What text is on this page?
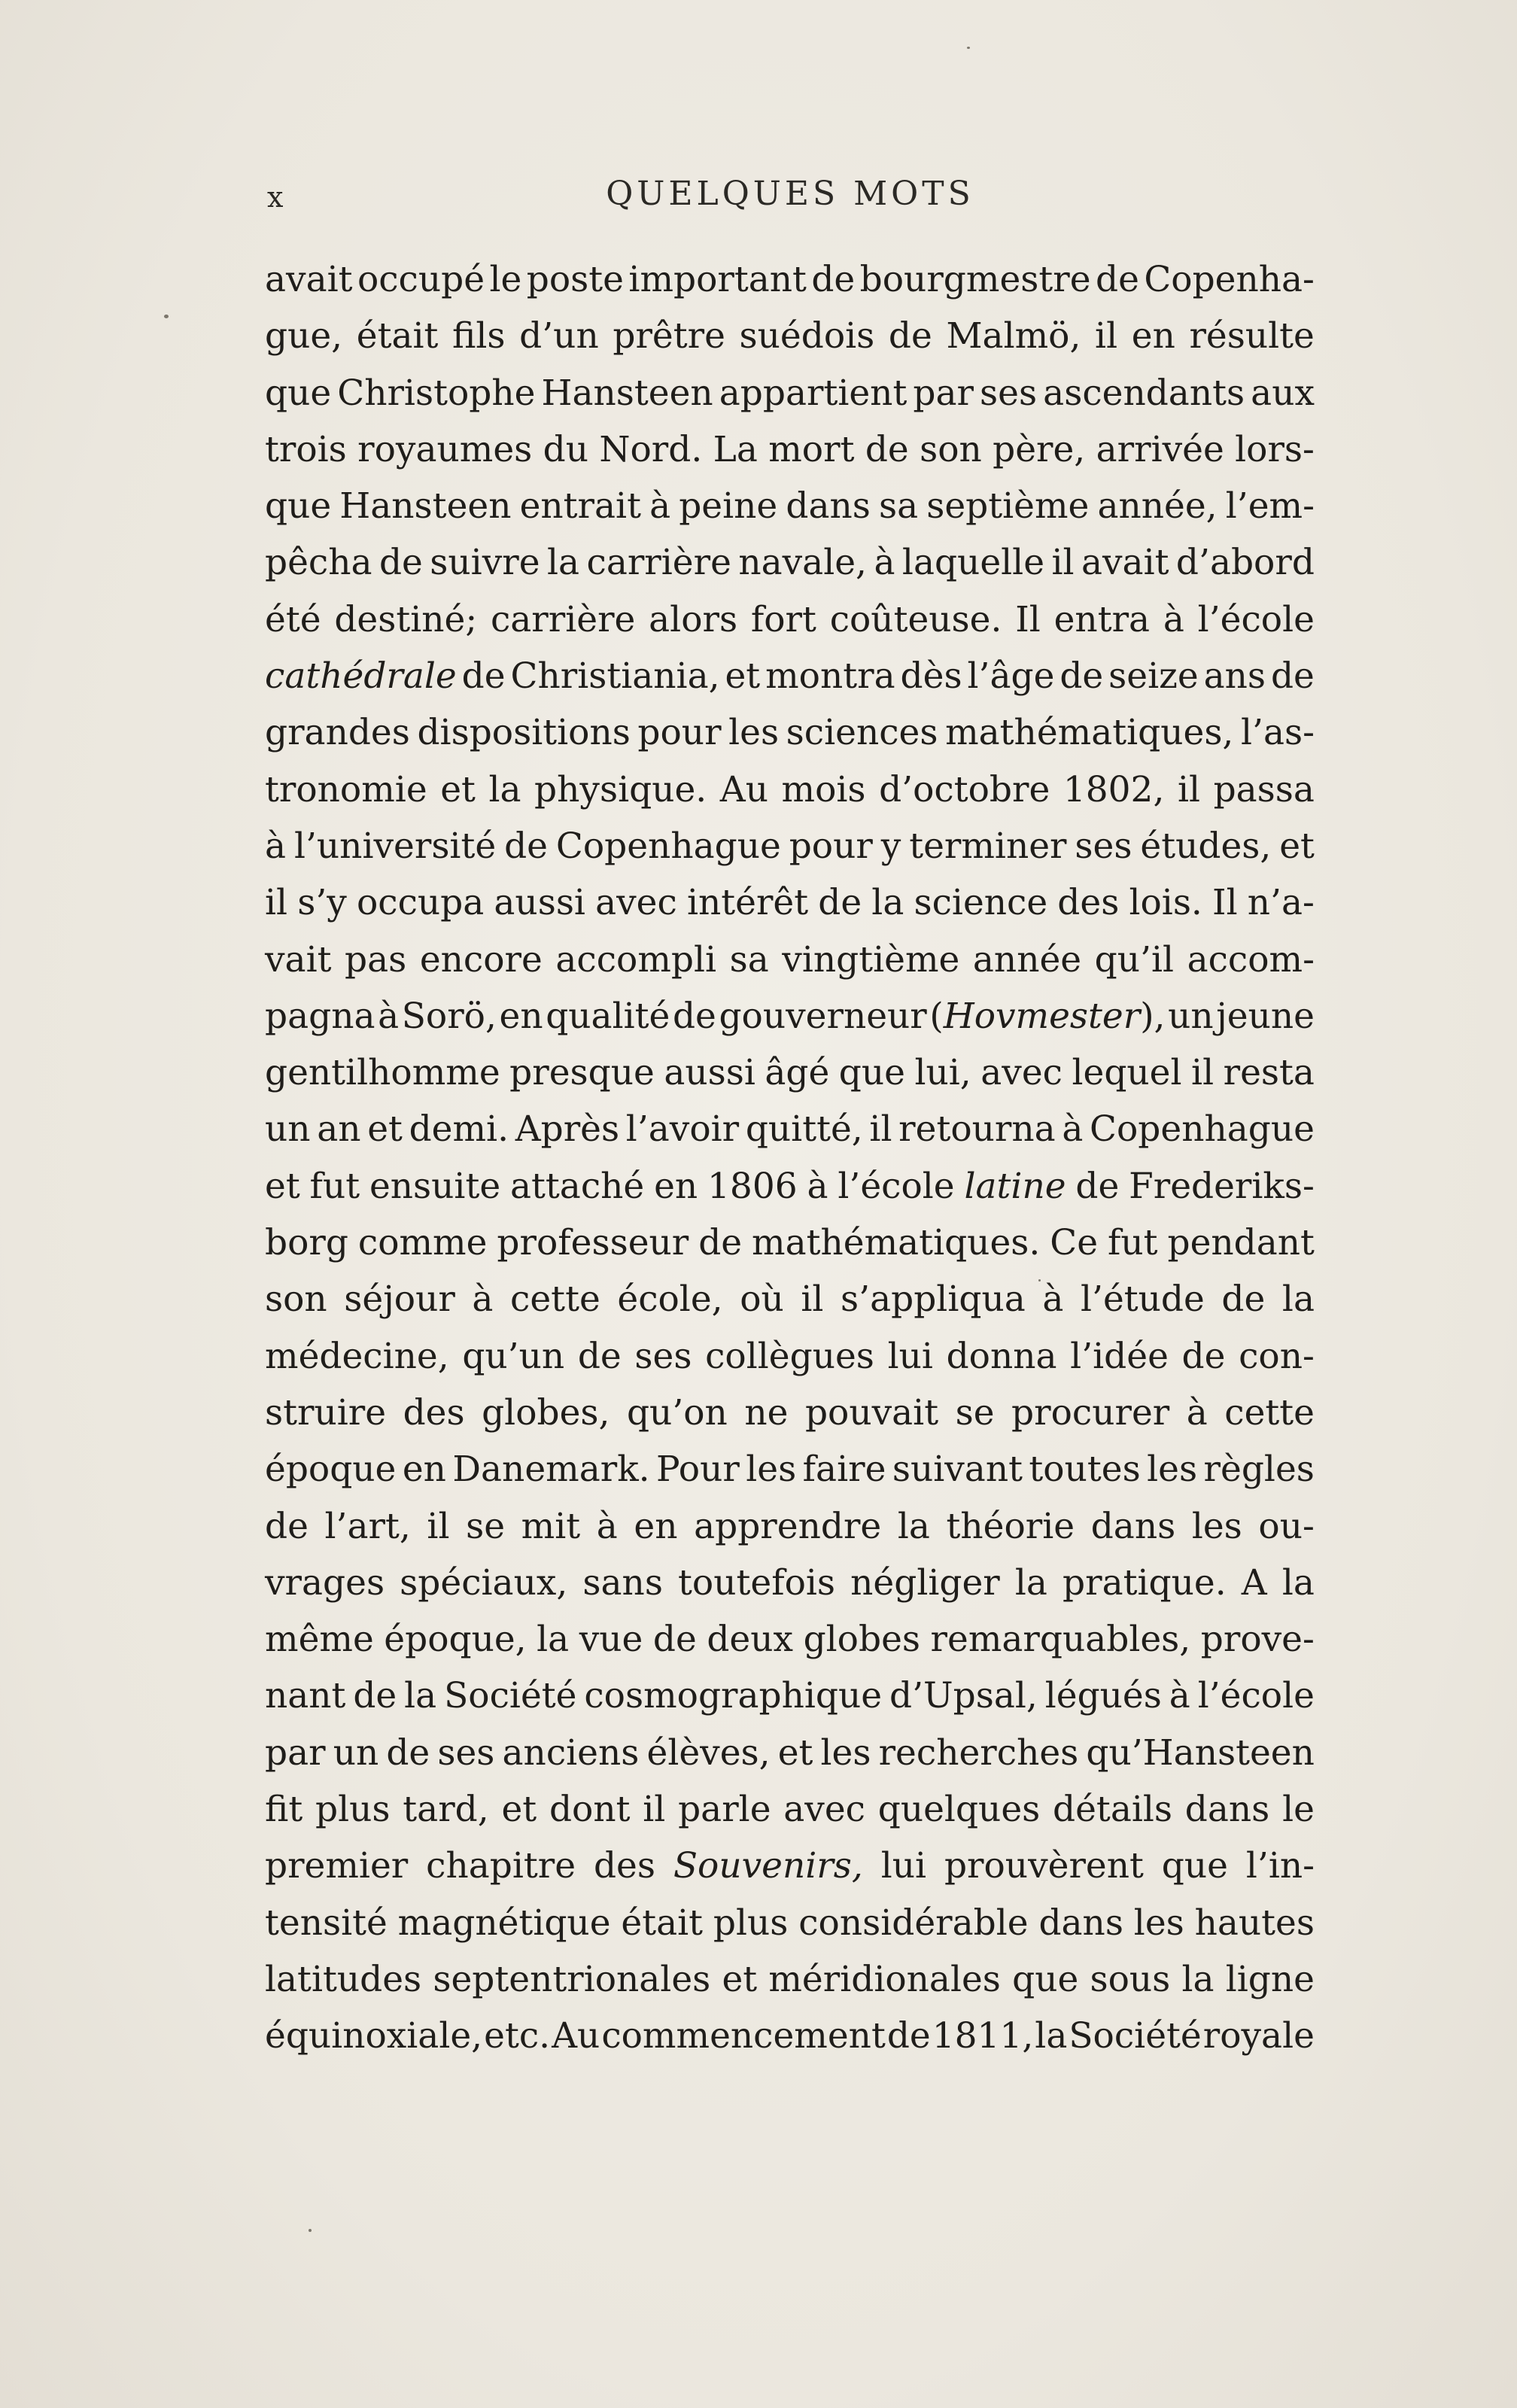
x	QUELQUES MOTS
avait occupé le poste important de bourgmestre de Copenha-
gue, était fils d’un prêtre suédois de Malmö, il en résulte
que Christophe Hansteen appartient par ses ascendants aux
trois royaumes du Nord. La mort de son père, arrivée lors-
que Hansteen entrait à peine dans sa septième année, l’em-
pêcha de suivre la carrière navale, à laquelle il avait d’abord
été destiné; carrière alors fort coûteuse. Il entra à l’école
cathédrale de Christiania, et montra dès l’âge de seize ans de
grandes dispositions pour les sciences mathématiques, l’as-
tronomie et la physique. Au mois d’octobre 1802, il passa
à l’université de Copenhague pour y terminer ses études, et
il s’y occupa aussi avec intérêt de la science des lois. Il n’a-
vait pas encore accompli sa vingtième année qu’il accom-
pagna à Sorö, en qualité de gouverneur (Hovmester), un jeune
gentilhomme presque aussi âgé que lui, avec lequel il resta
un an et demi. Après l’avoir quitté, il retourna à Copenhague
et fut ensuite attaché en 1806 à l’école latine de Frederiks-
borg comme professeur de mathématiques. Ce fut pendant
son séjour à cette école, où il s’appliqua à l’étude de la
médecine, qu’un de ses collègues lui donna l’idée de con-
struire des globes, qu’on ne pouvait se procurer à cette
époque en Danemark. Pour les faire suivant toutes les règles
de l’art, il se mit à en apprendre la théorie dans les ou-
vrages spéciaux, sans toutefois négliger la pratique. A la
même époque, la vue de deux globes remarquables, prove-
nant de la Société cosmographique d’Upsal, légués à l’école
par un de ses anciens élèves, et les recherches qu’Hansteen
fit plus tard, et dont il parle avec quelques détails dans le
premier chapitre des Souvenirs, lui prouvèrent que l’in-
tensité magnétique était plus considérable dans les hautes
latitudes septentrionales et méridionales que sous la ligne
équinoxiale, etc. Au commencement de 1811, la Société royale
